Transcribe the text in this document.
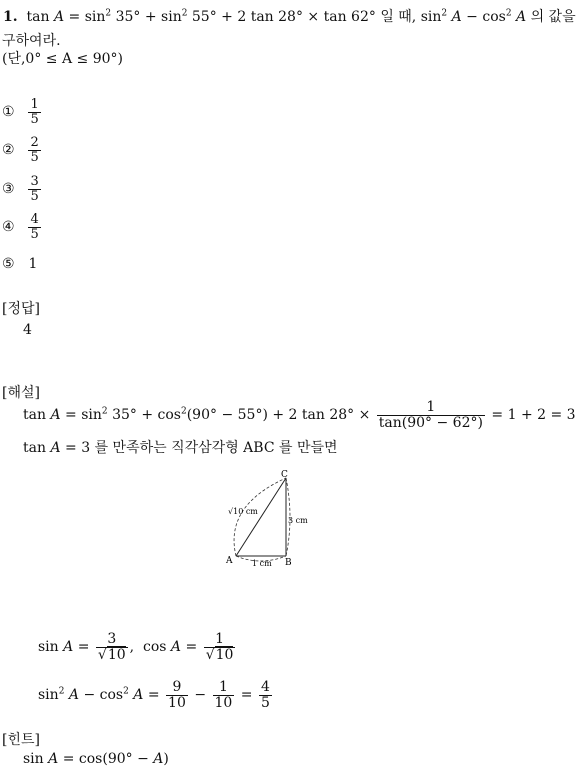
1.  $\tan A = \sin^2 35^\circ + \sin^2 55^\circ + 2$ tan 28° × tan 62° 일 때, $\sin^2 A - \cos^2 A$ 의 값을
구하여라.
(단,0° ≤ A ≤ 90°)
① $\frac{1}{5}$
② $\frac{2}{5}$
③ $\frac{3}{5}$
④ $\frac{4}{5}$
⑤ 1
[정답]
4
[해설]
$\tan A = \sin^2 35^\circ + \cos^2(90^\circ - 55^\circ) + 2$ $\tan 28^\circ \times \frac{1}{\tan(90^\circ - 62^\circ)} = 1 + 2 = 3$
tan A = 3 를 만족하는 직각삼각형 ABC 를 만들면
A	B
C
√10 cm
3 cm
1 cm
$\sin A = \frac{3}{√10}$ ,  $\cos A = \frac{1}{√10}$
$\sin^2 A - \cos^2 A = \frac{9}{10} - \frac{1}{10} = \frac{4}{5}$
[힌트]
sin A = cos(90° − A)
